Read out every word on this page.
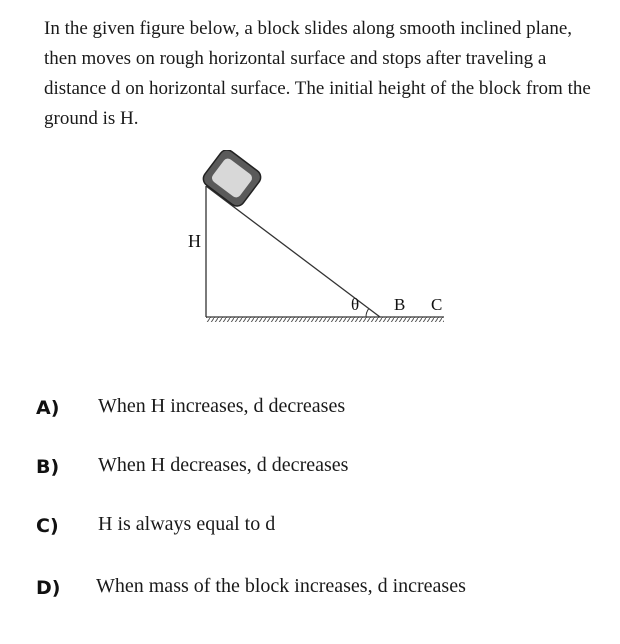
In the given figure below, a block slides along smooth inclined plane, then moves on rough horizontal surface and stops after traveling a distance d on horizontal surface. The initial height of the block from the ground is H.
H
θ B C
A) When H increases, d decreases
B) When H decreases, d decreases
C) H is always equal to d
D) When mass of the block increases, d increases
